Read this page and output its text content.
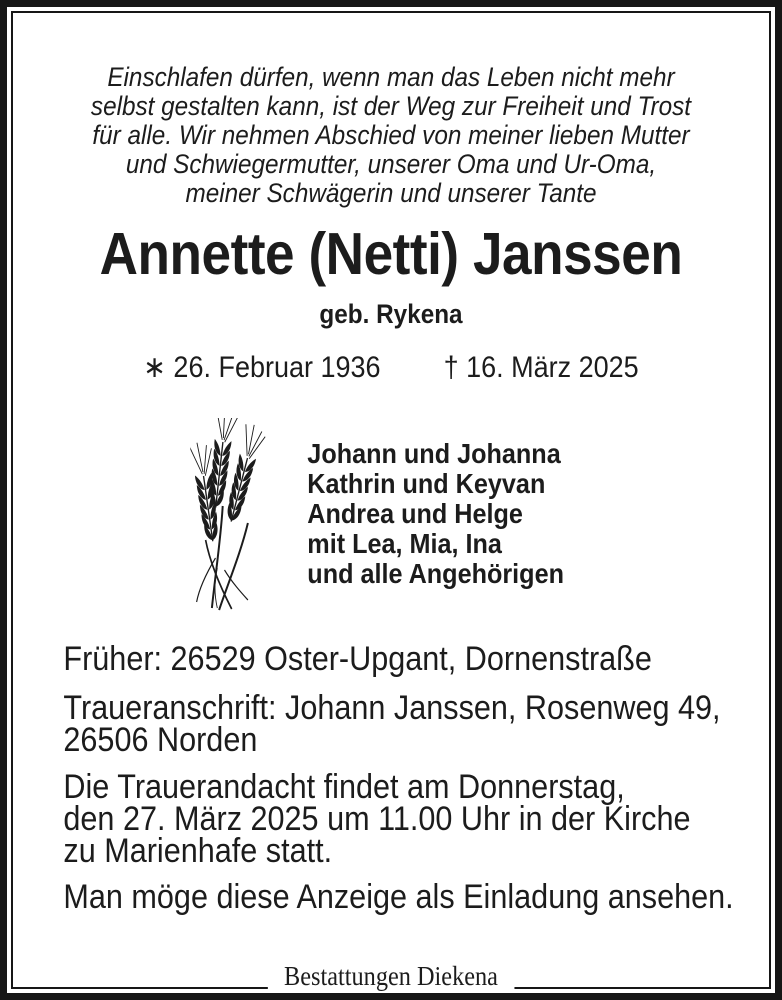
Einschlafen dürfen, wenn man das Leben nicht mehr
selbst gestalten kann, ist der Weg zur Freiheit und Trost
für alle. Wir nehmen Abschied von meiner lieben Mutter
und Schwiegermutter, unserer Oma und Ur-Oma,
meiner Schwägerin und unserer Tante
Annette (Netti) Janssen
geb. Rykena
∗ 26. Februar 1936 † 16. März 2025
Johann und Johanna
Kathrin und Keyvan
Andrea und Helge
mit Lea, Mia, Ina
und alle Angehörigen
Früher: 26529 Oster-Upgant, Dornenstraße
Traueranschrift: Johann Janssen, Rosenweg 49,
26506 Norden
Die Trauerandacht findet am Donnerstag,
den 27. März 2025 um 11.00 Uhr in der Kirche
zu Marienhafe statt.
Man möge diese Anzeige als Einladung ansehen.
Bestattungen Diekena
